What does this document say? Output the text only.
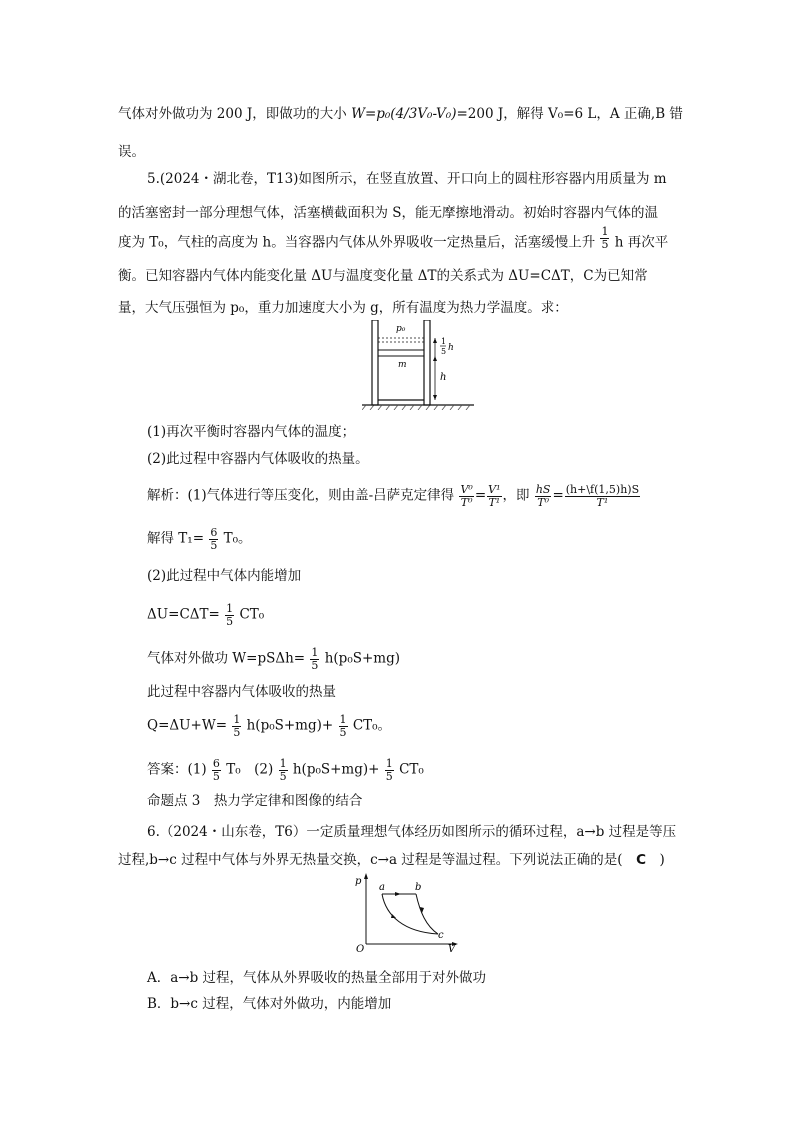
气体对外做功为 200 J，即做功的大小 W=p₀(4/3V₀-V₀)=200 J，解得 V₀=6 L，A 正确,B 错
误。
5.(2024・湖北卷，T13)如图所示，在竖直放置、开口向上的圆柱形容器内用质量为 m
的活塞密封一部分理想气体，活塞横截面积为 S，能无摩擦地滑动。初始时容器内气体的温
度为 T₀，气柱的高度为 h。当容器内气体从外界吸收一定热量后，活塞缓慢上升 $\frac{1}{5}$ h 再次平
衡。已知容器内气体内能变化量 ΔU与温度变化量 ΔT的关系式为 ΔU=CΔT，C为已知常
量，大气压强恒为 p₀，重力加速度大小为 g，所有温度为热力学温度。求：
p₀
m
1
5 h
h
(1)再次平衡时容器内气体的温度；
(2)此过程中容器内气体吸收的热量。
解析：(1)气体进行等压变化，则由盖-吕萨克定律得 $\frac{\text{V⁰}}{\text{T⁰}} = \frac{\text{V¹}}{\text{T¹}}$ ，即 $\frac{hS}{\text{T⁰}} = \frac{(h+\backslash f(1,5)h)S}{\text{T¹}}$
解得 $T_1= \frac{6}{5} T_0$。
(2)此过程中气体内能增加
$\Delta U=C\Delta T= \frac{1}{5} CT_0$
气体对外做功 $W=pS\Delta h= \frac{1}{5} h(p_0S+mg)$
此过程中容器内气体吸收的热量
$Q=\Delta U+W= \frac{1}{5} h(p_0S+mg)+ \frac{1}{5} CT_0$。
答案：$(1) \frac{6}{5} T_0$　$(2) \frac{1}{5} h(p_0S+mg)+ \frac{1}{5} CT_0$
命题点 3　热力学定律和图像的结合
6.（2024・山东卷，T6）一定质量理想气体经历如图所示的循环过程，a→b 过程是等压
过程,b→c 过程中气体与外界无热量交换，c→a 过程是等温过程。下列说法正确的是(　C　)
p
V
O
a	b
c
A．a→b 过程，气体从外界吸收的热量全部用于对外做功
B．b→c 过程，气体对外做功，内能增加
